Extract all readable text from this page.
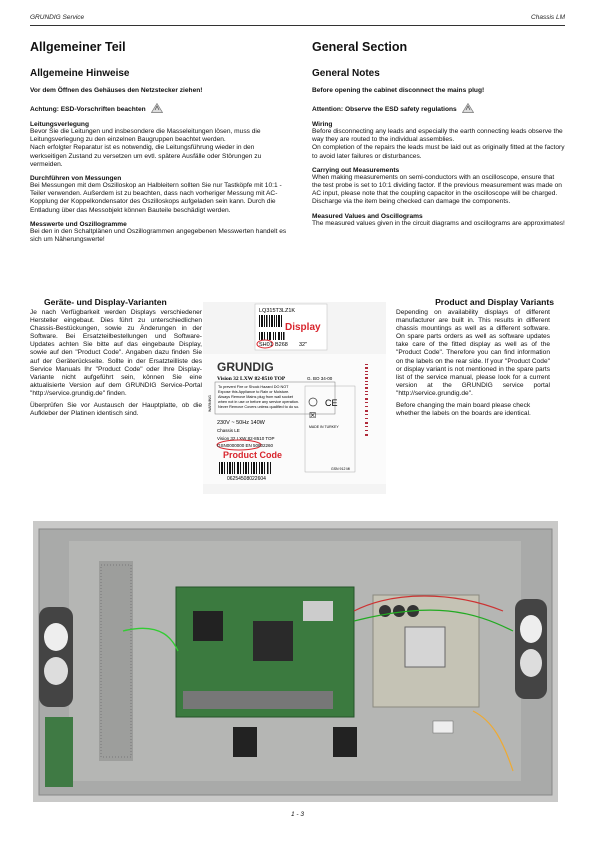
GRUNDIG Service	Chassis LM
Allgemeiner Teil
Allgemeine Hinweise
Vor dem Öffnen des Gehäuses den Netzstecker ziehen!
Achtung: ESD-Vorschriften beachten
Leitungsverlegung

Bevor Sie die Leitungen und insbesondere die Masseleitungen lösen, muss die Leitungsverlegung zu den einzelnen Baugruppen beachtet werden.
Nach erfolgter Reparatur ist es notwendig, die Leitungsführung wieder in den werkseitigen Zustand zu versetzen um evtl. spätere Ausfälle oder Störungen zu vermeiden.

Durchführen von Messungen

Bei Messungen mit dem Oszilloskop an Halbleitern sollten Sie nur Tastköpfe mit 10:1 - Teiler verwenden. Außerdem ist zu beachten, dass nach vorheriger Messung mit AC-Kopplung der Koppelkondensator des Oszilloskops aufgeladen sein kann. Durch die Entladung über das Messobjekt können Bauteile beschädigt werden.

Messwerte und Oszillogramme

Bei den in den Schaltplänen und Oszillogrammen angegebenen Messwerten handelt es sich um Näherungswerte!

General Section
General Notes
Before opening the cabinet disconnect the mains plug!
Attention: Observe the ESD safety regulations
Wiring

Before disconnecting any leads and especially the earth connecting leads observe the way they are routed to the individual assemblies.
On completion of the repairs the leads must be laid out as originally fitted at the factory to avoid later failures or disturbances.

Carrying out Measurements

When making measurements on semi-conductors with an oscilloscope, ensure that the test probe is set to 10:1 dividing factor. If the previous measurement was made on AC input, please note that the coupling capacitor in the oscilloscope will be charged. Discharge via the item being checked can damage the components.

Measured Values and Oscillograms

The measured values given in the circuit diagrams and oscillograms are approximates!

Geräte- und Display-Varianten

Je nach Verfügbarkeit werden Displays verschiedener Hersteller eingebaut. Dies führt zu unterschiedlichen Chassis-Bestückungen, sowie zu Änderungen in der Software. Bei Ersatzteilbestellungen und Software-Updates achten Sie bitte auf das eingebaute Display, sowie auf den "Product Code". Angaben dazu finden Sie auf der Geräterückseite. Sollte in der Ersatzteilliste des Service Manuals Ihr "Product Code" oder Ihre Display-Variante nicht aufgeführt sein, können Sie eine aktualisierte Version auf dem GRUNDIG Service-Portal "http://service.grundig.de" finden.

Überprüfen Sie vor Austausch der Hauptplatte, ob die Aufkleber der Platinen identisch sind.

Product and Display Variants

Depending on availability displays of different manufacturer are built in. This results in different chassis mountings as well as a different software. On spare parts orders as well as software updates take care of the fitted display as well as of the "Product Code". Therefore you can find information on the labels on the rear side. If your "Product Code" or display variant is not mentioned in the spare parts list of the service manual, please look for a current version at the GRUNDIG service portal "http://service.grundig.de".

Before changing the main board please check whether the labels on the boards are identical.

LQ315T3LZ1K
Display
SH01 B268 32"
GRUNDIG
Vision 32 LXW 82-8510 TOP	G. BO 34-00
WARNING
To prevent Fire or Shock Hazard DO NOT
Expose this Appliance to Rain or Moisture.
Always Remove Mains plug from wall socket
when not in use or before any service operation.
Never Remove Covers unless qualified to do so.
230V ~ 50Hz 140W
Chassis LE
Vision 32 LXW 82-8510 TOP
GSN0000000 EN 50802260
Product Code
06254508022604
CE
☒
MADE IN TURKEY
GSN 912 MI
1 - 3
